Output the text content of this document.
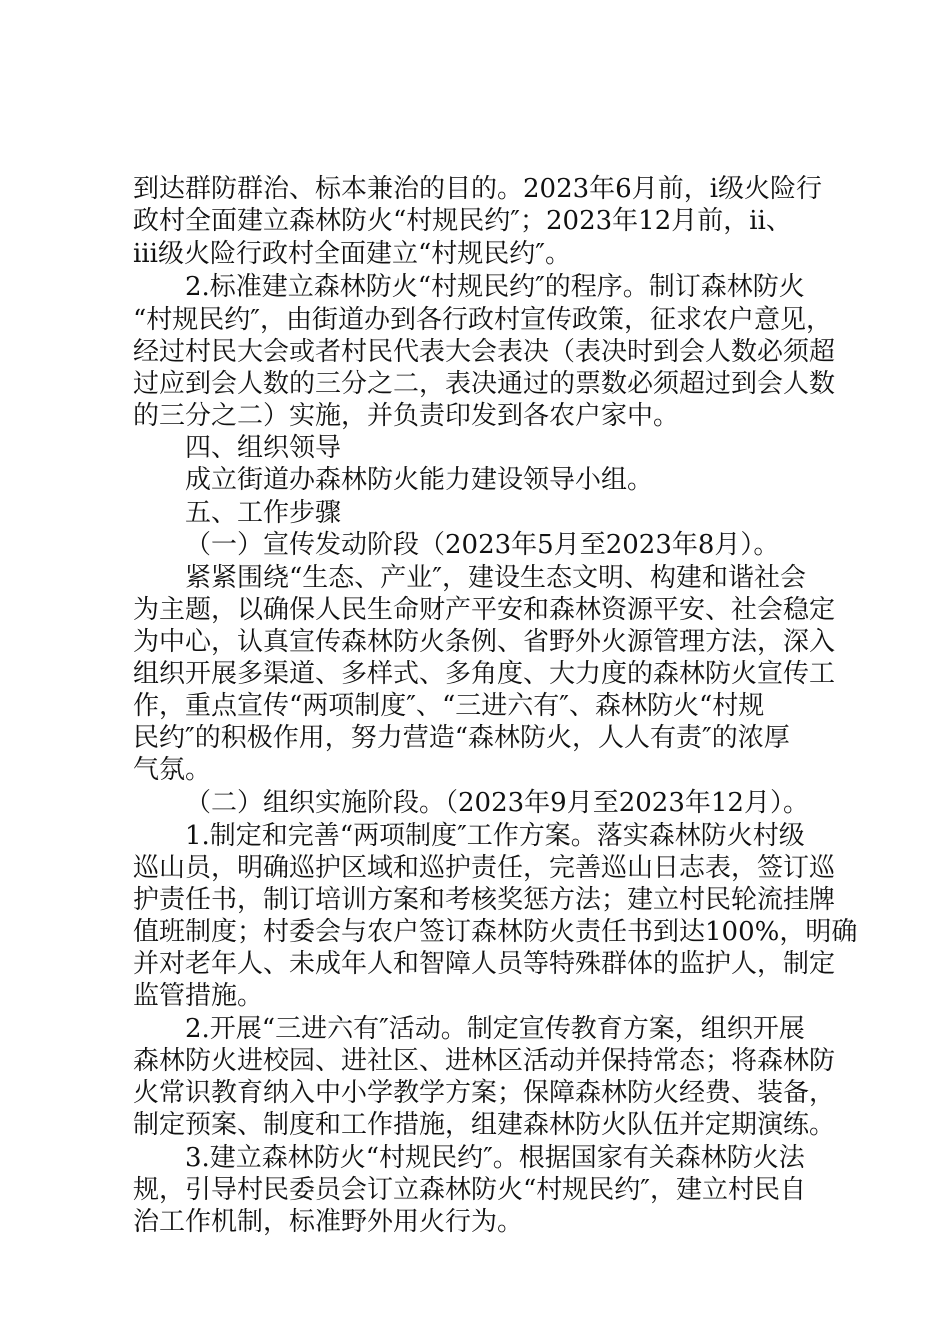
到达群防群治、标本兼治的目的。2023年6月前，ⅰ级火险行

政村全面建立森林防火“村规民约″；2023年12月前，ⅱ、

ⅲ级火险行政村全面建立“村规民约″。

2.标准建立森林防火“村规民约″的程序。制订森林防火

“村规民约″，由街道办到各行政村宣传政策，征求农户意见，

经过村民大会或者村民代表大会表决（表决时到会人数必须超

过应到会人数的三分之二，表决通过的票数必须超过到会人数

的三分之二）实施，并负责印发到各农户家中。

四、组织领导

成立街道办森林防火能力建设领导小组。

五、工作步骤

（一）宣传发动阶段（2023年5月至2023年8月）。

紧紧围绕“生态、产业″，建设生态文明、构建和谐社会

为主题，以确保人民生命财产平安和森林资源平安、社会稳定

为中心，认真宣传森林防火条例、省野外火源管理方法，深入

组织开展多渠道、多样式、多角度、大力度的森林防火宣传工

作，重点宣传“两项制度″、“三进六有″、森林防火“村规

民约″的积极作用，努力营造“森林防火，人人有责″的浓厚

气氛。

（二）组织实施阶段。（2023年9月至2023年12月）。

1.制定和完善“两项制度″工作方案。落实森林防火村级

巡山员，明确巡护区域和巡护责任，完善巡山日志表，签订巡

护责任书，制订培训方案和考核奖惩方法；建立村民轮流挂牌

值班制度；村委会与农户签订森林防火责任书到达100%，明确

并对老年人、未成年人和智障人员等特殊群体的监护人，制定

监管措施。

2.开展“三进六有″活动。制定宣传教育方案，组织开展

森林防火进校园、进社区、进林区活动并保持常态；将森林防

火常识教育纳入中小学教学方案；保障森林防火经费、装备，

制定预案、制度和工作措施，组建森林防火队伍并定期演练。

3.建立森林防火“村规民约″。根据国家有关森林防火法

规，引导村民委员会订立森林防火“村规民约″，建立村民自

治工作机制，标准野外用火行为。
